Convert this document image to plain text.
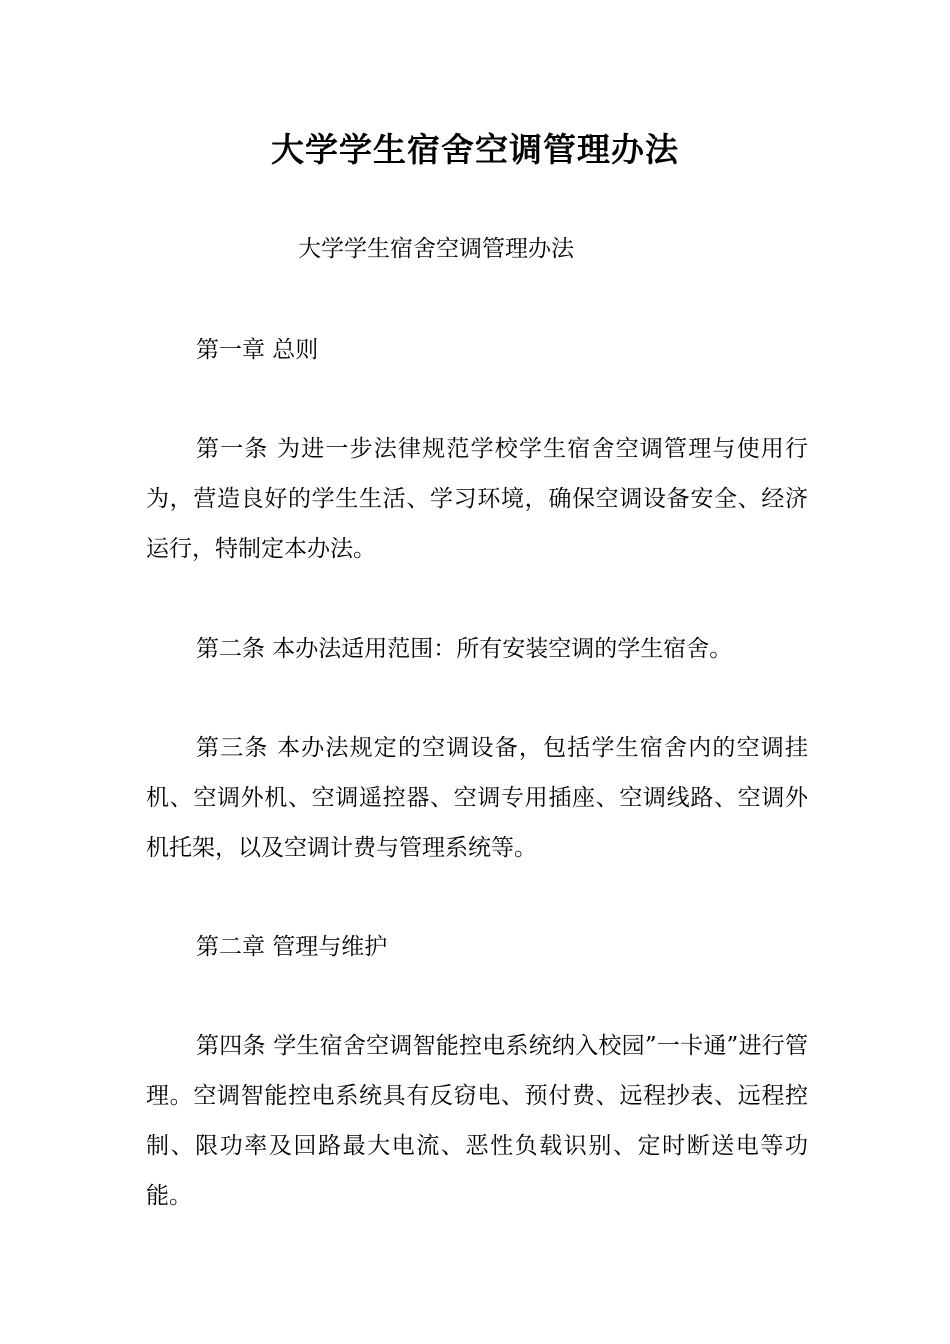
大学学生宿舍空调管理办法

大学学生宿舍空调管理办法

第一章 总则

第一条 为进一步法律规范学校学生宿舍空调管理与使用行为，营造良好的学生生活、学习环境，确保空调设备安全、经济运行，特制定本办法。

第二条 本办法适用范围：所有安装空调的学生宿舍。

第三条 本办法规定的空调设备，包括学生宿舍内的空调挂机、空调外机、空调遥控器、空调专用插座、空调线路、空调外机托架，以及空调计费与管理系统等。

第二章 管理与维护

第四条 学生宿舍空调智能控电系统纳入校园”一卡通”进行管理。空调智能控电系统具有反窃电、预付费、远程抄表、远程控制、限功率及回路最大电流、恶性负载识别、定时断送电等功能。
